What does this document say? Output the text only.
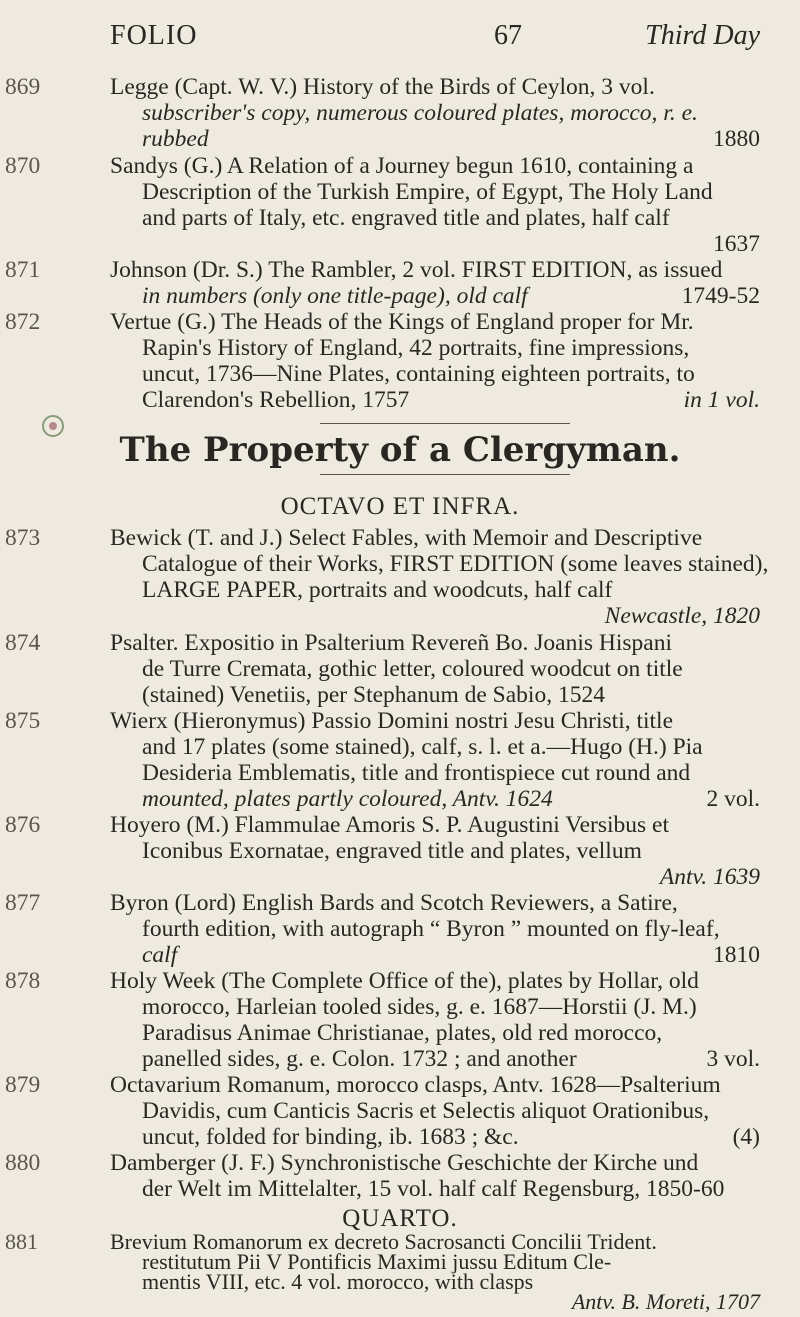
FOLIO	67	Third Day
869	Legge (Capt. W. V.) History of the Birds of Ceylon, 3 vol.
subscriber's copy, numerous coloured plates, morocco, r. e.
rubbed	1880
870	Sandys (G.) A Relation of a Journey begun 1610, containing a
Description of the Turkish Empire, of Egypt, The Holy Land
and parts of Italy, etc. engraved title and plates, half calf
1637
871	Johnson (Dr. S.) The Rambler, 2 vol. FIRST EDITION, as issued
in numbers (only one title-page), old calf	1749-52
872	Vertue (G.) The Heads of the Kings of England proper for Mr.
Rapin's History of England, 42 portraits, fine impressions,
uncut, 1736—Nine Plates, containing eighteen portraits, to
Clarendon's Rebellion, 1757	in 1 vol.
The Property of a Clergyman.
OCTAVO ET INFRA.
873	Bewick (T. and J.) Select Fables, with Memoir and Descriptive
Catalogue of their Works, FIRST EDITION (some leaves stained),
LARGE PAPER, portraits and woodcuts, half calf
Newcastle, 1820
874	Psalter. Expositio in Psalterium Revereñ Bo. Joanis Hispani
de Turre Cremata, gothic letter, coloured woodcut on title
(stained) Venetiis, per Stephanum de Sabio, 1524
875	Wierx (Hieronymus) Passio Domini nostri Jesu Christi, title
and 17 plates (some stained), calf, s. l. et a.—Hugo (H.) Pia
Desideria Emblematis, title and frontispiece cut round and
mounted, plates partly coloured, Antv. 1624	2 vol.
876	Hoyero (M.) Flammulae Amoris S. P. Augustini Versibus et
Iconibus Exornatae, engraved title and plates, vellum
Antv. 1639
877	Byron (Lord) English Bards and Scotch Reviewers, a Satire,
fourth edition, with autograph “ Byron ” mounted on fly-leaf,
calf	1810
878	Holy Week (The Complete Office of the), plates by Hollar, old
morocco, Harleian tooled sides, g. e. 1687—Horstii (J. M.)
Paradisus Animae Christianae, plates, old red morocco,
panelled sides, g. e. Colon. 1732 ; and another	3 vol.
879	Octavarium Romanum, morocco clasps, Antv. 1628—Psalterium
Davidis, cum Canticis Sacris et Selectis aliquot Orationibus,
uncut, folded for binding, ib. 1683 ; &c.	(4)
880	Damberger (J. F.) Synchronistische Geschichte der Kirche und
der Welt im Mittelalter, 15 vol. half calf Regensburg, 1850-60
QUARTO.
881	Brevium Romanorum ex decreto Sacrosancti Concilii Trident.
restitutum Pii V Pontificis Maximi jussu Editum Cle-
mentis VIII, etc. 4 vol. morocco, with clasps
Antv. B. Moreti, 1707
